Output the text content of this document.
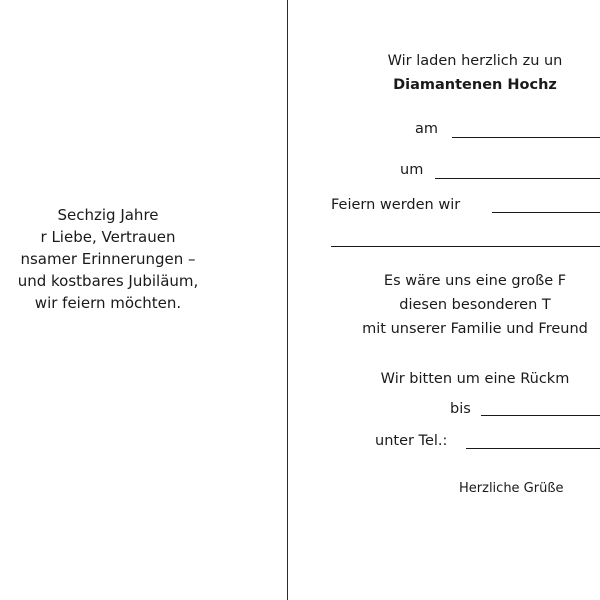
Sechzig Jahre
r Liebe, Vertrauen
nsamer Erinnerungen –
und kostbares Jubiläum,
wir feiern möchten.
Wir laden herzlich zu un
Diamantenen Hochz
am
um
Feiern werden wir
Es wäre uns eine große F
diesen besonderen T
mit unserer Familie und Freund
Wir bitten um eine Rückm
bis
unter Tel.:
Herzliche Grüße
